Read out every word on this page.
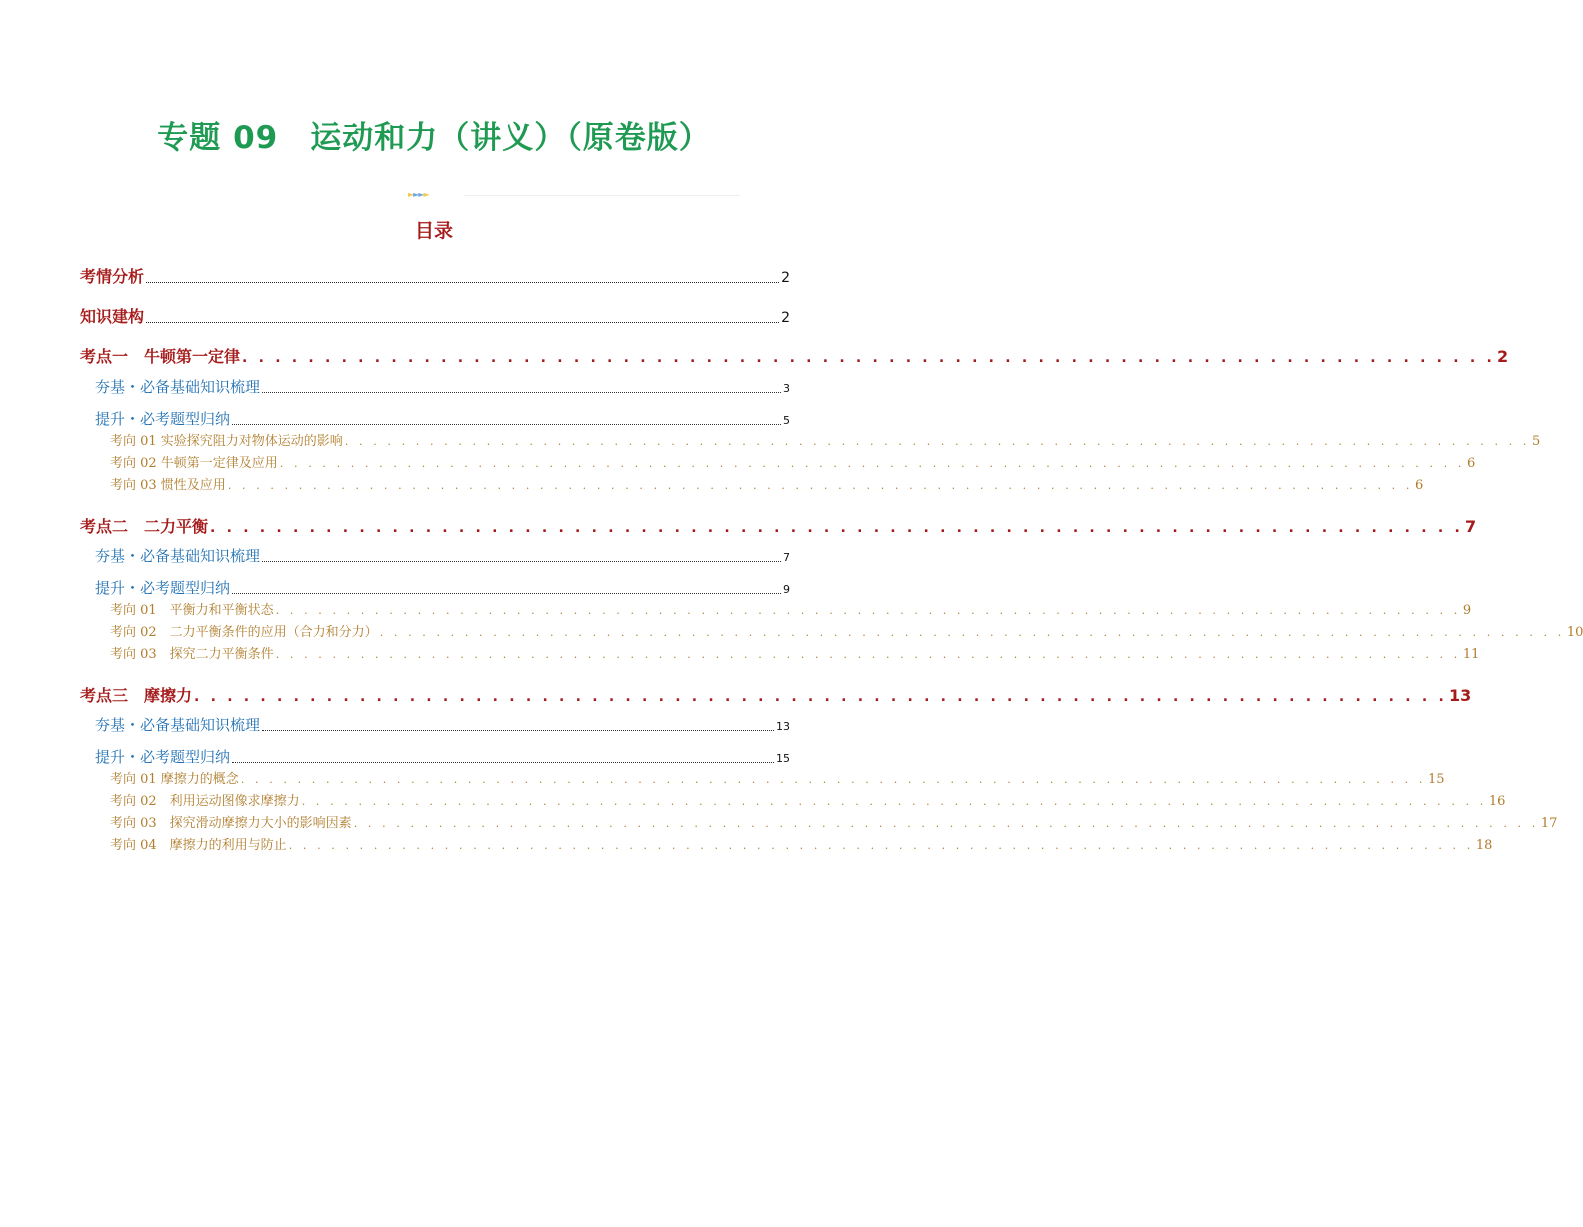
专题 09　运动和力（讲义）（原卷版）
►►►►
目录
考情分析	2
知识建构	2
考点一　牛顿第一定律 . . . . . . . . . . . . . . . . . . . . . . . . . . . . . . . . . . . . . . . . . . . . . . . . . . . . . . . . . . . . . . . . . . . . . . . . . . . . 2
夯基・必备基础知识梳理	3
提升・必考题型归纳	5
考向 01 实验探究阻力对物体运动的影响 . . . . . . . . . . . . . . . . . . . . . . . . . . . . . . . . . . . . . . . . . . . . . . . . . . . . . . . . . . . . . . . . . . . . . . . . . . . . . . . . . . . . 5
考向 02 牛顿第一定律及应用 . . . . . . . . . . . . . . . . . . . . . . . . . . . . . . . . . . . . . . . . . . . . . . . . . . . . . . . . . . . . . . . . . . . . . . . . . . . . . . . . . . . . 6
考向 03 惯性及应用 . . . . . . . . . . . . . . . . . . . . . . . . . . . . . . . . . . . . . . . . . . . . . . . . . . . . . . . . . . . . . . . . . . . . . . . . . . . . . . . . . . . . 6
考点二　二力平衡 . . . . . . . . . . . . . . . . . . . . . . . . . . . . . . . . . . . . . . . . . . . . . . . . . . . . . . . . . . . . . . . . . . . . . . . . . . . . 7
夯基・必备基础知识梳理	7
提升・必考题型归纳	9
考向 01　平衡力和平衡状态 . . . . . . . . . . . . . . . . . . . . . . . . . . . . . . . . . . . . . . . . . . . . . . . . . . . . . . . . . . . . . . . . . . . . . . . . . . . . . . . . . . . . 9
考向 02　二力平衡条件的应用（合力和分力） . . . . . . . . . . . . . . . . . . . . . . . . . . . . . . . . . . . . . . . . . . . . . . . . . . . . . . . . . . . . . . . . . . . . . . . . . . . . . . . . . . . . 10
考向 03　探究二力平衡条件 . . . . . . . . . . . . . . . . . . . . . . . . . . . . . . . . . . . . . . . . . . . . . . . . . . . . . . . . . . . . . . . . . . . . . . . . . . . . . . . . . . . . 11
考点三　摩擦力 . . . . . . . . . . . . . . . . . . . . . . . . . . . . . . . . . . . . . . . . . . . . . . . . . . . . . . . . . . . . . . . . . . . . . . . . . . . . 13
夯基・必备基础知识梳理	13
提升・必考题型归纳	15
考向 01 摩擦力的概念 . . . . . . . . . . . . . . . . . . . . . . . . . . . . . . . . . . . . . . . . . . . . . . . . . . . . . . . . . . . . . . . . . . . . . . . . . . . . . . . . . . . . 15
考向 02　利用运动图像求摩擦力 . . . . . . . . . . . . . . . . . . . . . . . . . . . . . . . . . . . . . . . . . . . . . . . . . . . . . . . . . . . . . . . . . . . . . . . . . . . . . . . . . . . . 16
考向 03　探究滑动摩擦力大小的影响因素 . . . . . . . . . . . . . . . . . . . . . . . . . . . . . . . . . . . . . . . . . . . . . . . . . . . . . . . . . . . . . . . . . . . . . . . . . . . . . . . . . . . . 17
考向 04　摩擦力的利用与防止 . . . . . . . . . . . . . . . . . . . . . . . . . . . . . . . . . . . . . . . . . . . . . . . . . . . . . . . . . . . . . . . . . . . . . . . . . . . . . . . . . . . . 18
